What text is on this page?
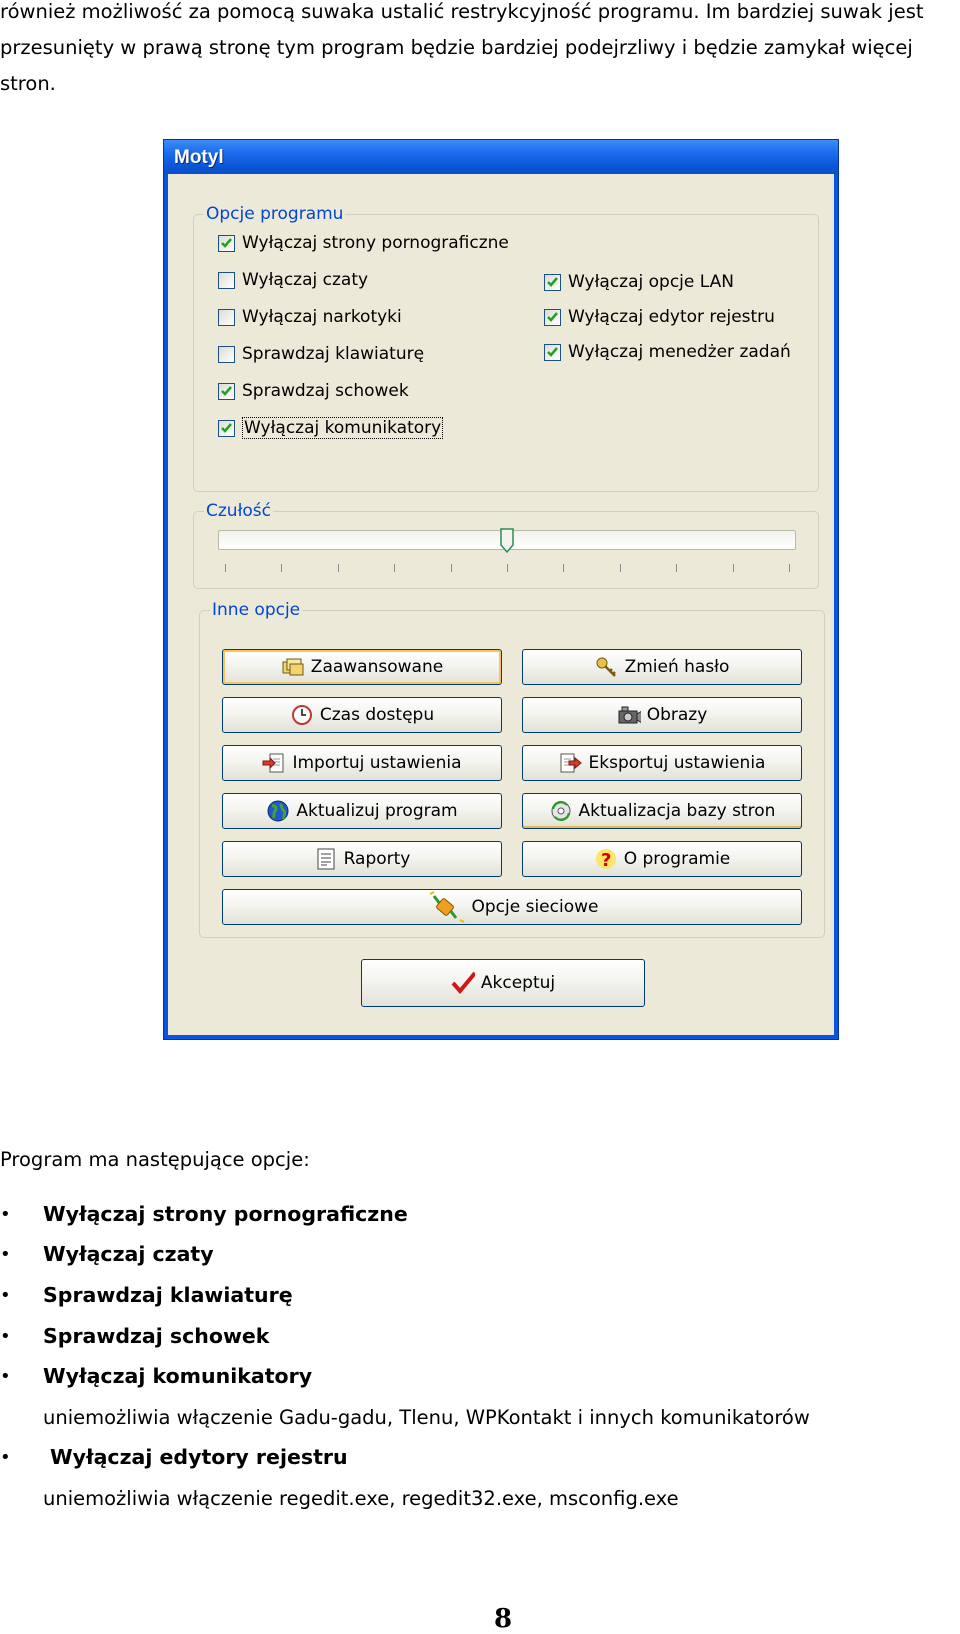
również możliwość za pomocą suwaka ustalić restrykcyjność programu. Im bardziej suwak jest przesunięty w prawą stronę tym program będzie bardziej podejrzliwy i będzie zamykał więcej stron.

Motyl
Opcje programu
Wyłączaj strony pornograficzne
Wyłączaj czaty
Wyłączaj narkotyki
Sprawdzaj klawiaturę
Sprawdzaj schowek
Wyłączaj komunikatory
Wyłączaj opcje LAN
Wyłączaj edytor rejestru
Wyłączaj menedżer zadań
Czułość
Inne opcje
Zaawansowane	Zmień hasło
Czas dostępu	Obrazy
Importuj ustawienia	Eksportuj ustawienia
Aktualizuj program	Aktualizacja bazy stron
Raporty	? O programie
Opcje sieciowe
Akceptuj
Program ma następujące opcje:
• Wyłączaj strony pornograficzne
• Wyłączaj czaty
• Sprawdzaj klawiaturę
• Sprawdzaj schowek
• Wyłączaj komunikatory
uniemożliwia włączenie Gadu-gadu, Tlenu, WPKontakt i innych komunikatorów
• Wyłączaj edytory rejestru
uniemożliwia włączenie regedit.exe, regedit32.exe, msconfig.exe
8
